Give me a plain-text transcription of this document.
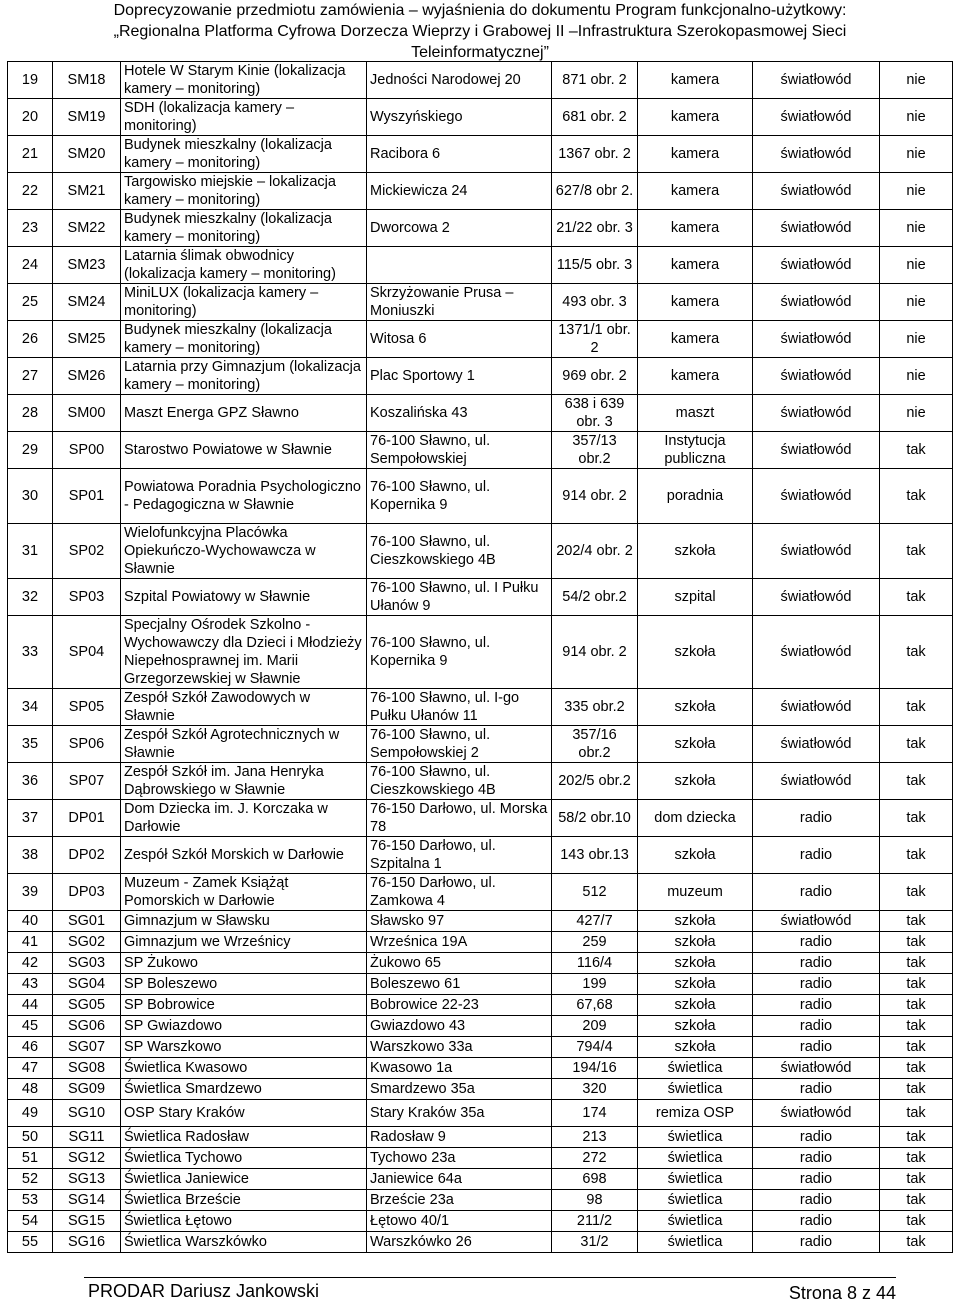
Doprecyzowanie przedmiotu zamówienia – wyjaśnienia do dokumentu Program funkcjonalno-użytkowy:
„Regionalna Platforma Cyfrowa Dorzecza Wieprzy i Grabowej II –Infrastruktura Szerokopasmowej Sieci
Teleinformatycznej”
19	SM18	Hotele W Starym Kinie (lokalizacja kamery – monitoring)	Jedności Narodowej 20	871 obr. 2	kamera	światłowód	nie
20	SM19	SDH (lokalizacja kamery – monitoring)	Wyszyńskiego	681 obr. 2	kamera	światłowód	nie
21	SM20	Budynek mieszkalny (lokalizacja kamery – monitoring)	Racibora 6	1367 obr. 2	kamera	światłowód	nie
22	SM21	Targowisko miejskie – lokalizacja kamery – monitoring)	Mickiewicza 24	627/8 obr 2.	kamera	światłowód	nie
23	SM22	Budynek mieszkalny (lokalizacja kamery – monitoring)	Dworcowa 2	21/22 obr. 3	kamera	światłowód	nie
24	SM23	Latarnia ślimak obwodnicy (lokalizacja kamery – monitoring)		115/5 obr. 3	kamera	światłowód	nie
25	SM24	MiniLUX (lokalizacja kamery – monitoring)	Skrzyżowanie Prusa – Moniuszki	493 obr. 3	kamera	światłowód	nie
26	SM25	Budynek mieszkalny (lokalizacja kamery – monitoring)	Witosa 6	1371/1 obr. 2	kamera	światłowód	nie
27	SM26	Latarnia przy Gimnazjum (lokalizacja kamery – monitoring)	Plac Sportowy 1	969 obr. 2	kamera	światłowód	nie
28	SM00	Maszt Energa GPZ Sławno	Koszalińska 43	638 i 639 obr. 3	maszt	światłowód	nie
29	SP00	Starostwo Powiatowe w Sławnie	76-100 Sławno, ul. Sempołowskiej	357/13 obr.2	Instytucja publiczna	światłowód	tak
30	SP01	Powiatowa Poradnia Psychologiczno - Pedagogiczna w Sławnie	76-100 Sławno, ul. Kopernika 9	914 obr. 2	poradnia	światłowód	tak
31	SP02	Wielofunkcyjna Placówka Opiekuńczo-Wychowawcza w Sławnie	76-100 Sławno, ul. Cieszkowskiego 4B	202/4 obr. 2	szkoła	światłowód	tak
32	SP03	Szpital Powiatowy w Sławnie	76-100 Sławno, ul. I Pułku Ułanów 9	54/2 obr.2	szpital	światłowód	tak
33	SP04	Specjalny Ośrodek Szkolno - Wychowawczy dla Dzieci i Młodzieży Niepełnosprawnej im. Marii Grzegorzewskiej w Sławnie	76-100 Sławno, ul. Kopernika 9	914 obr. 2	szkoła	światłowód	tak
34	SP05	Zespół Szkół Zawodowych w Sławnie	76-100 Sławno, ul. I-go Pułku Ułanów 11	335 obr.2	szkoła	światłowód	tak
35	SP06	Zespół Szkół Agrotechnicznych w Sławnie	76-100 Sławno, ul. Sempołowskiej 2	357/16 obr.2	szkoła	światłowód	tak
36	SP07	Zespół Szkół im. Jana Henryka Dąbrowskiego w Sławnie	76-100 Sławno, ul. Cieszkowskiego 4B	202/5 obr.2	szkoła	światłowód	tak
37	DP01	Dom Dziecka im. J. Korczaka w Darłowie	76-150 Darłowo, ul. Morska 78	58/2 obr.10	dom dziecka	radio	tak
38	DP02	Zespół Szkół Morskich w Darłowie	76-150 Darłowo, ul. Szpitalna 1	143 obr.13	szkoła	radio	tak
39	DP03	Muzeum - Zamek Książąt Pomorskich w Darłowie	76-150 Darłowo, ul. Zamkowa 4	512	muzeum	radio	tak
40	SG01	Gimnazjum w Sławsku	Sławsko 97	427/7	szkoła	światłowód	tak
41	SG02	Gimnazjum we Wrześnicy	Wrześnica 19A	259	szkoła	radio	tak
42	SG03	SP Żukowo	Żukowo 65	116/4	szkoła	radio	tak
43	SG04	SP Boleszewo	Boleszewo 61	199	szkoła	radio	tak
44	SG05	SP Bobrowice	Bobrowice 22-23	67,68	szkoła	radio	tak
45	SG06	SP Gwiazdowo	Gwiazdowo 43	209	szkoła	radio	tak
46	SG07	SP Warszkowo	Warszkowo 33a	794/4	szkoła	radio	tak
47	SG08	Świetlica Kwasowo	Kwasowo 1a	194/16	świetlica	światłowód	tak
48	SG09	Świetlica Smardzewo	Smardzewo 35a	320	świetlica	radio	tak
49	SG10	OSP Stary Kraków	Stary Kraków 35a	174	remiza OSP	światłowód	tak
50	SG11	Świetlica Radosław	Radosław 9	213	świetlica	radio	tak
51	SG12	Świetlica Tychowo	Tychowo 23a	272	świetlica	radio	tak
52	SG13	Świetlica Janiewice	Janiewice 64a	698	świetlica	radio	tak
53	SG14	Świetlica Brzeście	Brzeście 23a	98	świetlica	radio	tak
54	SG15	Świetlica Łętowo	Łętowo 40/1	211/2	świetlica	radio	tak
55	SG16	Świetlica Warszkówko	Warszkówko 26	31/2	świetlica	radio	tak
PRODAR Dariusz Jankowski	Strona 8 z 44
